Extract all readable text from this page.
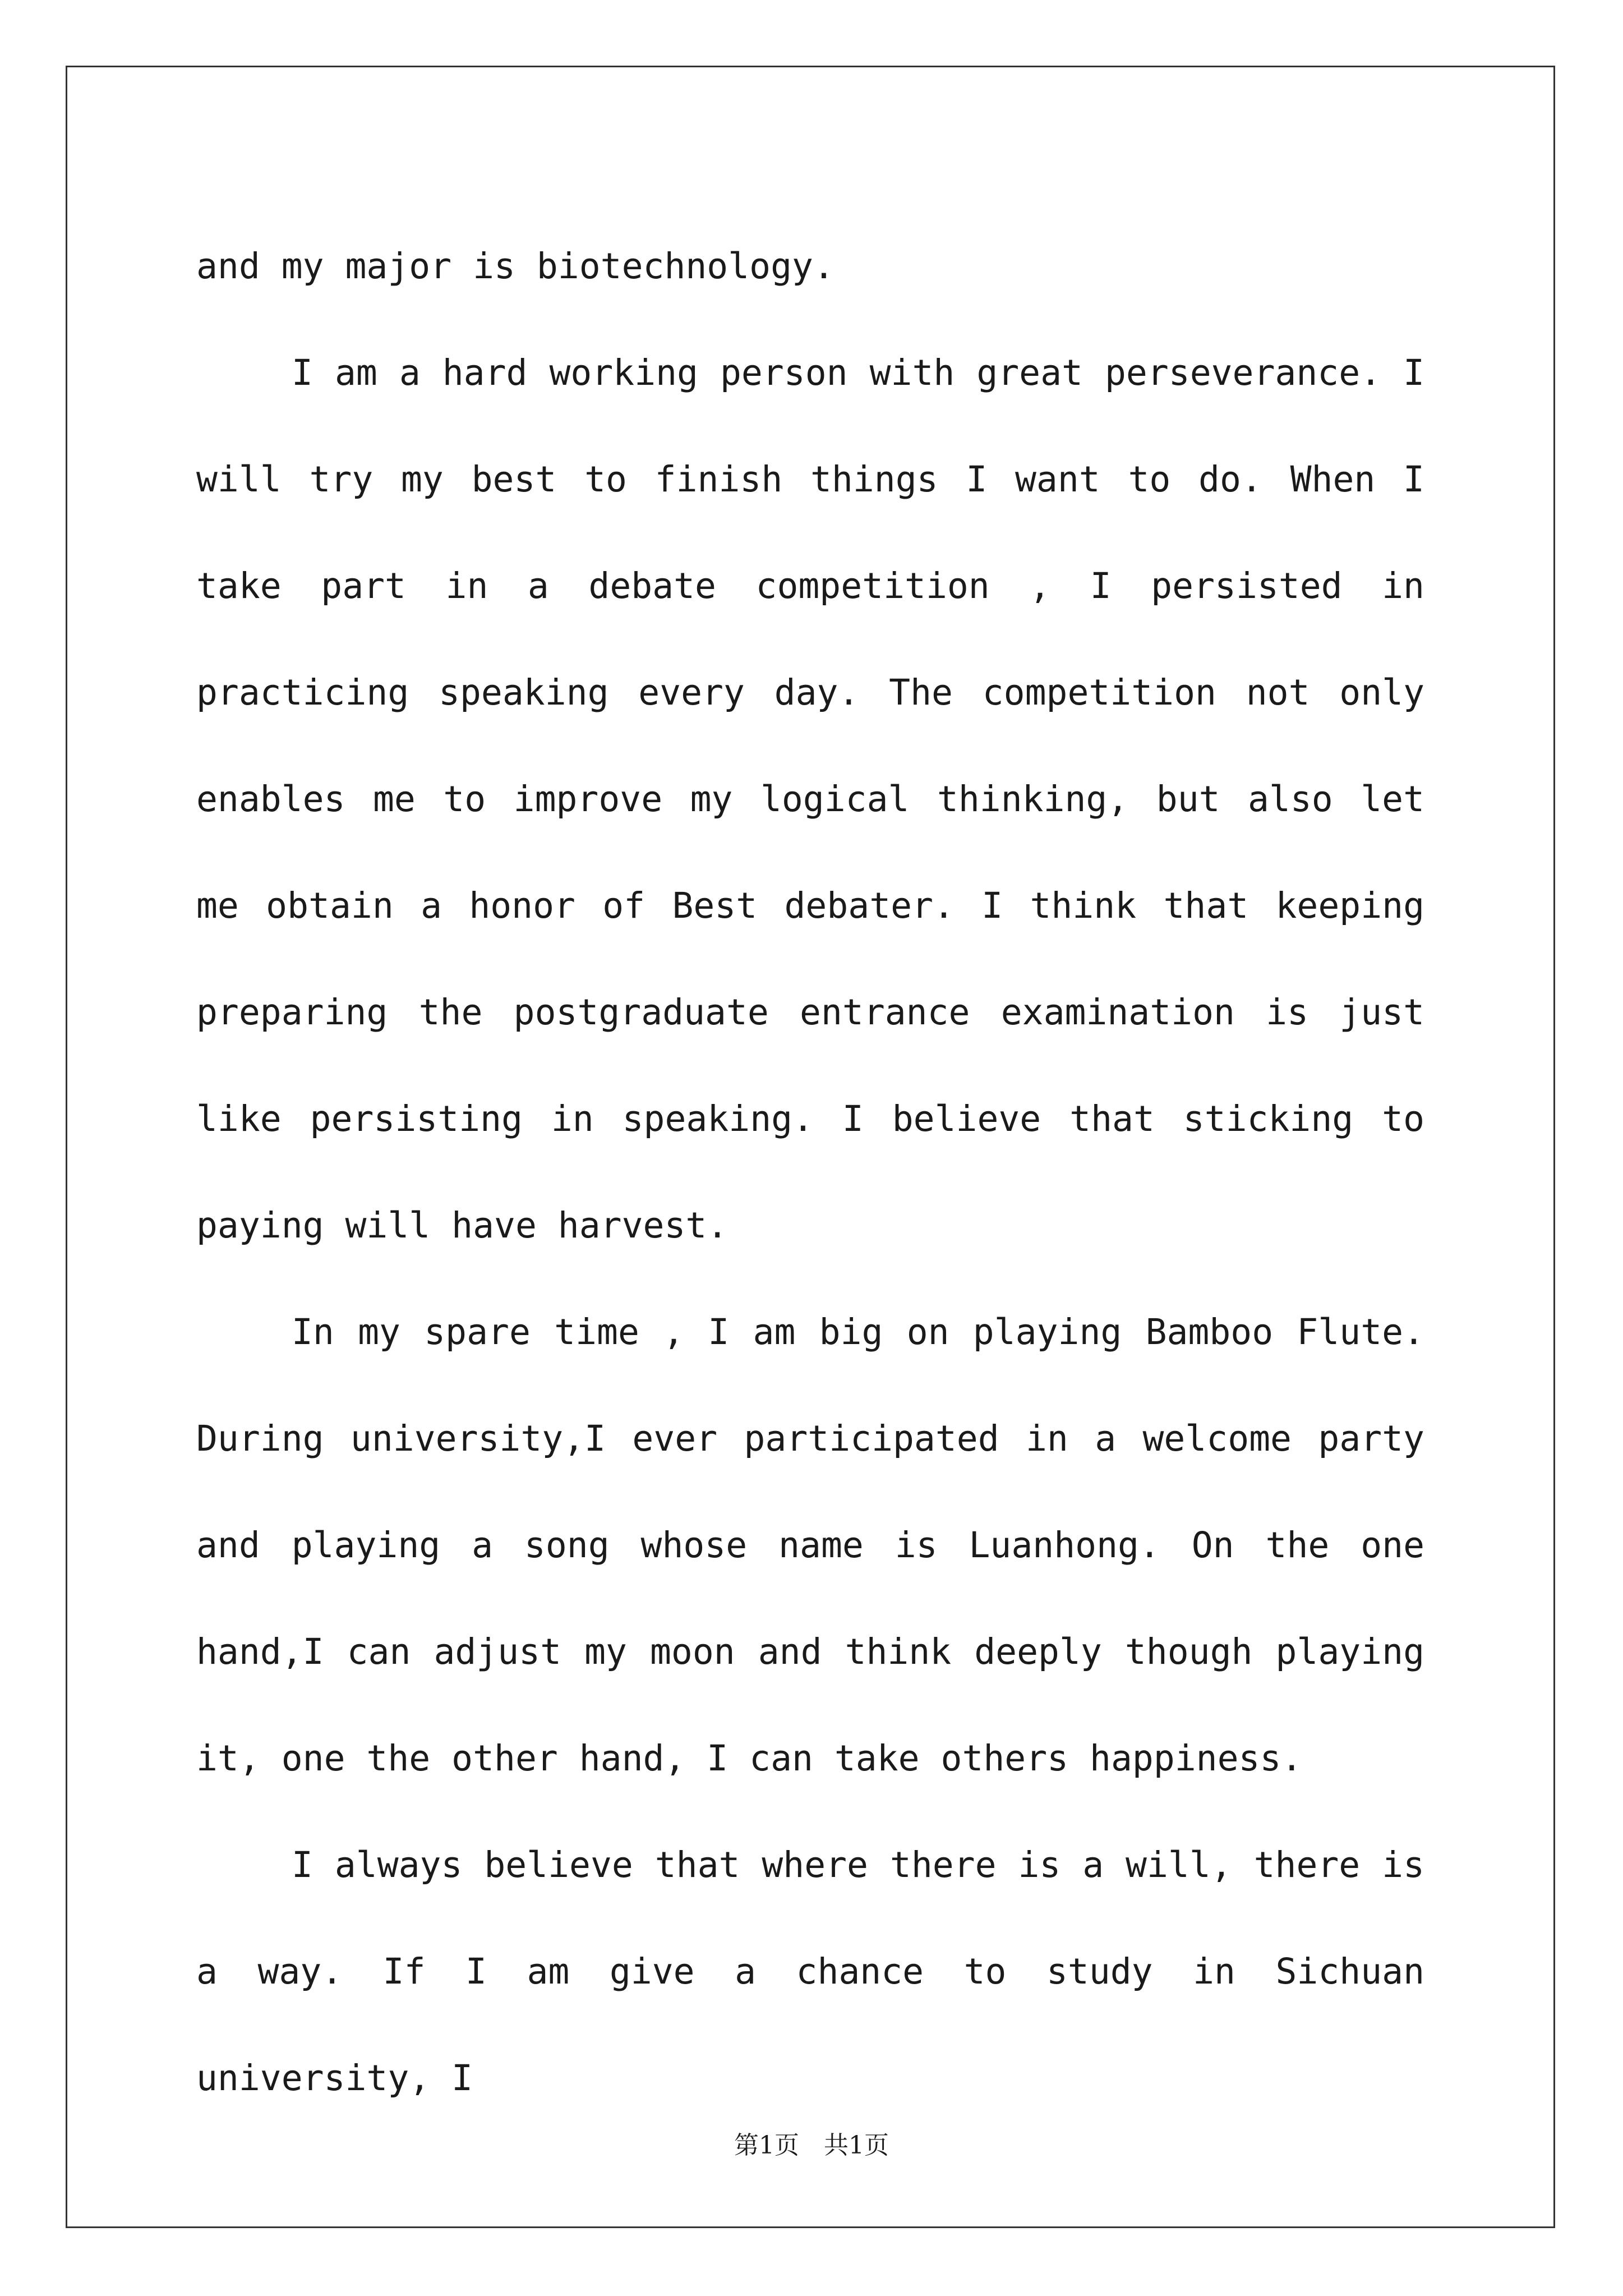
and my major is biotechnology.

I am a hard working person with great perseverance. I will try my best to finish things I want to do. When I take part in a debate competition , I persisted in practicing speaking every day. The competition not only enables me to improve my logical thinking, but also let me obtain a honor of Best debater. I think that keeping preparing the postgraduate entrance examination is just like persisting in speaking. I believe that sticking to paying will have harvest.

In my spare time , I am big on playing Bamboo Flute. During university,I ever participated in a welcome party and playing a song whose name is Luanhong. On the one hand,I can adjust my moon and think deeply though playing it, one the other hand, I can take others happiness.

I always believe that where there is a will, there is a way. If I am give a chance to study in Sichuan university, I

第1页　共1页
